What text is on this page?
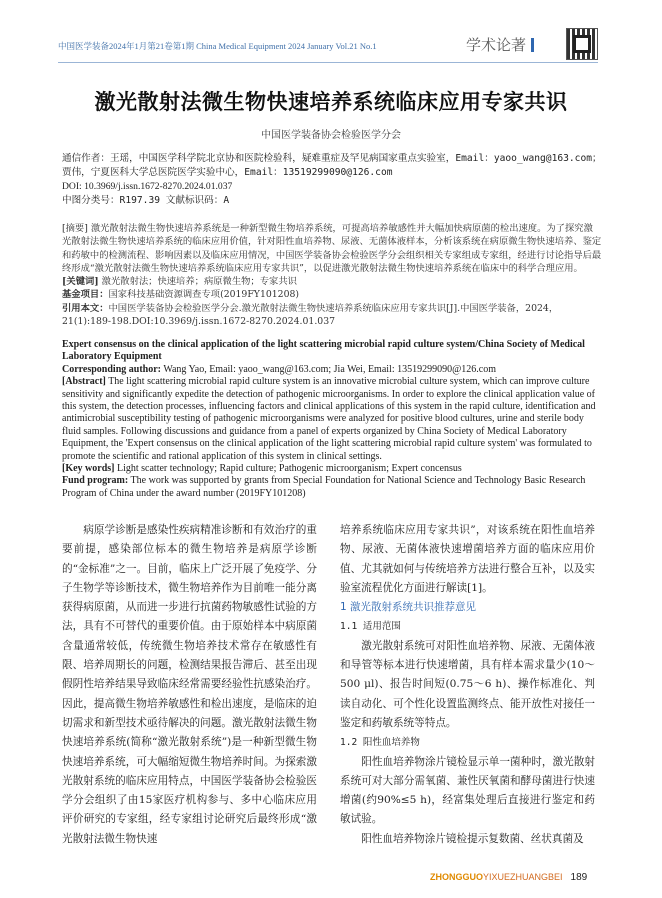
中国医学装备2024年1月第21卷第1期 China Medical Equipment 2024 January Vol.21 No.1	学术论著
激光散射法微生物快速培养系统临床应用专家共识
中国医学装备协会检验医学分会
通信作者：王瑶，中国医学科学院北京协和医院检验科，疑难重症及罕见病国家重点实验室，Email：yaoo_wang@163.com；贾伟，宁夏医科大学总医院医学实验中心，Email：13519299090@126.com
DOI: 10.3969/j.issn.1672-8270.2024.01.037
中图分类号：R197.39 文献标识码：A
[摘要] 激光散射法微生物快速培养系统是一种新型微生物培养系统，可提高培养敏感性并大幅加快病原菌的检出速度。为了探究激光散射法微生物快速培养系统的临床应用价值，针对阳性血培养物、尿液、无菌体液样本，分析该系统在病原微生物快速培养、鉴定和药敏中的检测流程、影响因素以及临床应用情况，中国医学装备协会检验医学分会组织相关专家组成专家组，经进行讨论指导后最终形成“激光散射法微生物快速培养系统临床应用专家共识”，以促进激光散射法微生物快速培养系统在临床中的科学合理应用。
[关键词] 激光散射法；快速培养；病原微生物；专家共识
基金项目：国家科技基础资源调查专项(2019FY101208)
引用本文：中国医学装备协会检验医学分会.激光散射法微生物快速培养系统临床应用专家共识[J].中国医学装备，2024，21(1):189-198.DOI:10.3969/j.issn.1672-8270.2024.01.037
Expert consensus on the clinical application of the light scattering microbial rapid culture system/China Society of Medical Laboratory Equipment
Corresponding author: Wang Yao, Email: yaoo_wang@163.com; Jia Wei, Email: 13519299090@126.com
[Abstract] The light scattering microbial rapid culture system is an innovative microbial culture system, which can improve culture sensitivity and significantly expedite the detection of pathogenic microorganisms. In order to explore the clinical application value of this system, the detection processes, influencing factors and clinical applications of this system in the rapid culture, identification and antimicrobial susceptibility testing of pathogenic microorganisms were analyzed for positive blood cultures, urine and sterile body fluid samples. Following discussions and guidance from a panel of experts organized by China Society of Medical Laboratory Equipment, the 'Expert consensus on the clinical application of the light scattering microbial rapid culture system' was formulated to promote the scientific and rational application of this system in clinical settings.
[Key words] Light scatter technology; Rapid culture; Pathogenic microorganism; Expert concensus
Fund program: The work was supported by grants from Special Foundation for National Science and Technology Basic Research Program of China under the award number (2019FY101208)
病原学诊断是感染性疾病精准诊断和有效治疗的重要前提，感染部位标本的微生物培养是病原学诊断的“金标准”之一。目前，临床上广泛开展了免疫学、分子生物学等诊断技术，微生物培养作为目前唯一能分离获得病原菌，从而进一步进行抗菌药物敏感性试验的方法，具有不可替代的重要价值。由于原始样本中病原菌含量通常较低，传统微生物培养技术常存在敏感性有限、培养周期长的问题，检测结果报告滞后、甚至出现假阴性培养结果导致临床经常需要经验性抗感染治疗。因此，提高微生物培养敏感性和检出速度，是临床的迫切需求和新型技术亟待解决的问题。激光散射法微生物快速培养系统(简称“激光散射系统”)是一种新型微生物快速培养系统，可大幅缩短微生物培养时间。为探索激光散射系统的临床应用特点，中国医学装备协会检验医学分会组织了由15家医疗机构参与、多中心临床应用评价研究的专家组，经专家组讨论研究后最终形成“激光散射法微生物快速
培养系统临床应用专家共识”，对该系统在阳性血培养物、尿液、无菌体液快速增菌培养方面的临床应用价值、尤其就如何与传统培养方法进行整合互补，以及实验室流程优化方面进行解读[1]。
1 激光散射系统共识推荐意见
1.1 适用范围
激光散射系统可对阳性血培养物、尿液、无菌体液和导管等标本进行快速增菌，具有样本需求量少(10～500 μl)、报告时间短(0.75～6 h)、操作标准化、判读自动化、可个性化设置监测终点、能开放性对接任一鉴定和药敏系统等特点。
1.2 阳性血培养物
阳性血培养物涂片镜检显示单一菌种时，激光散射系统可对大部分需氧菌、兼性厌氧菌和酵母菌进行快速增菌(约90%≤5 h)，经富集处理后直接进行鉴定和药敏试验。
阳性血培养物涂片镜检提示复数菌、丝状真菌及
ZHONGGUOYIXUEZHUANGBEI 189
